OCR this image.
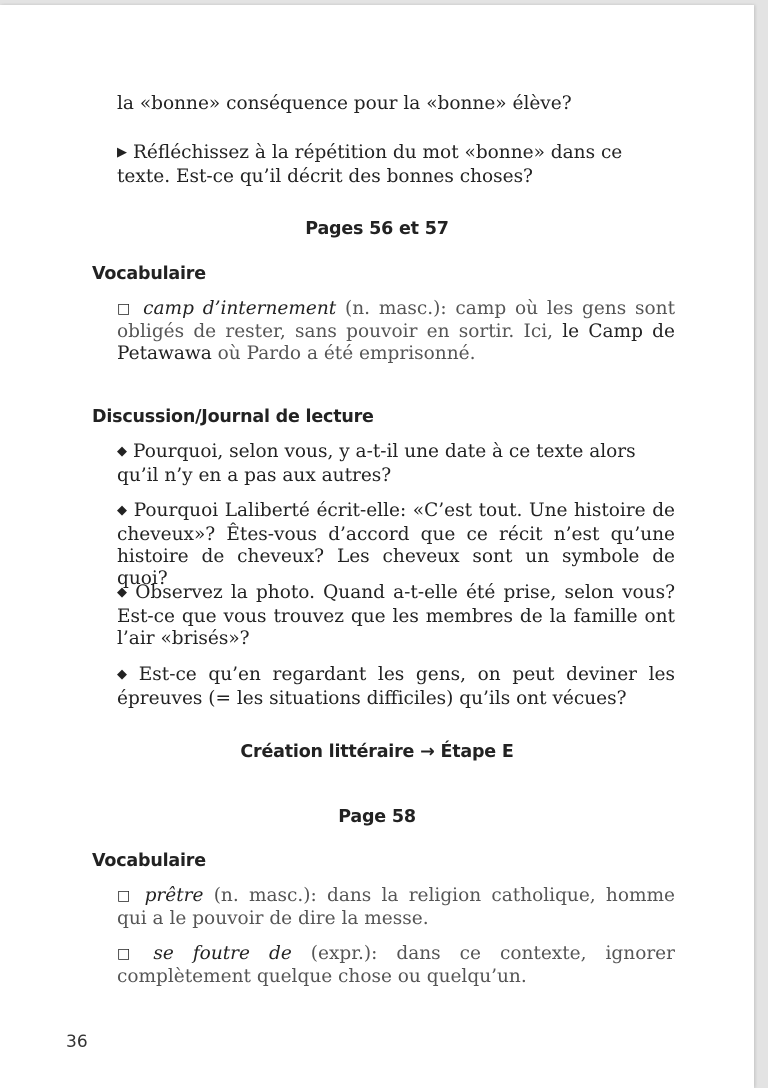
la «bonne» conséquence pour la «bonne» élève?

▶ Réfléchissez à la répétition du mot «bonne» dans ce texte. Est-ce qu’il décrit des bonnes choses?

Pages 56 et 57
Vocabulaire

□ camp d’internement (n. masc.): camp où les gens sont obligés de rester, sans pouvoir en sortir. Ici, le Camp de Petawawa où Pardo a été emprisonné.

Discussion/Journal de lecture

◆ Pourquoi, selon vous, y a-t-il une date à ce texte alors qu’il n’y en a pas aux autres?

◆ Pourquoi Laliberté écrit-elle: «C’est tout. Une histoire de cheveux»? Êtes-vous d’accord que ce récit n’est qu’une histoire de cheveux? Les cheveux sont un symbole de quoi?

◆ Observez la photo. Quand a-t-elle été prise, selon vous? Est-ce que vous trouvez que les membres de la famille ont l’air «brisés»?

◆ Est-ce qu’en regardant les gens, on peut deviner les épreuves (= les situations difficiles) qu’ils ont vécues?

Création littéraire → Étape E
Page 58
Vocabulaire

□ prêtre (n. masc.): dans la religion catholique, homme qui a le pouvoir de dire la messe.

□ se foutre de (expr.): dans ce contexte, ignorer complètement quelque chose ou quelqu’un.

36
